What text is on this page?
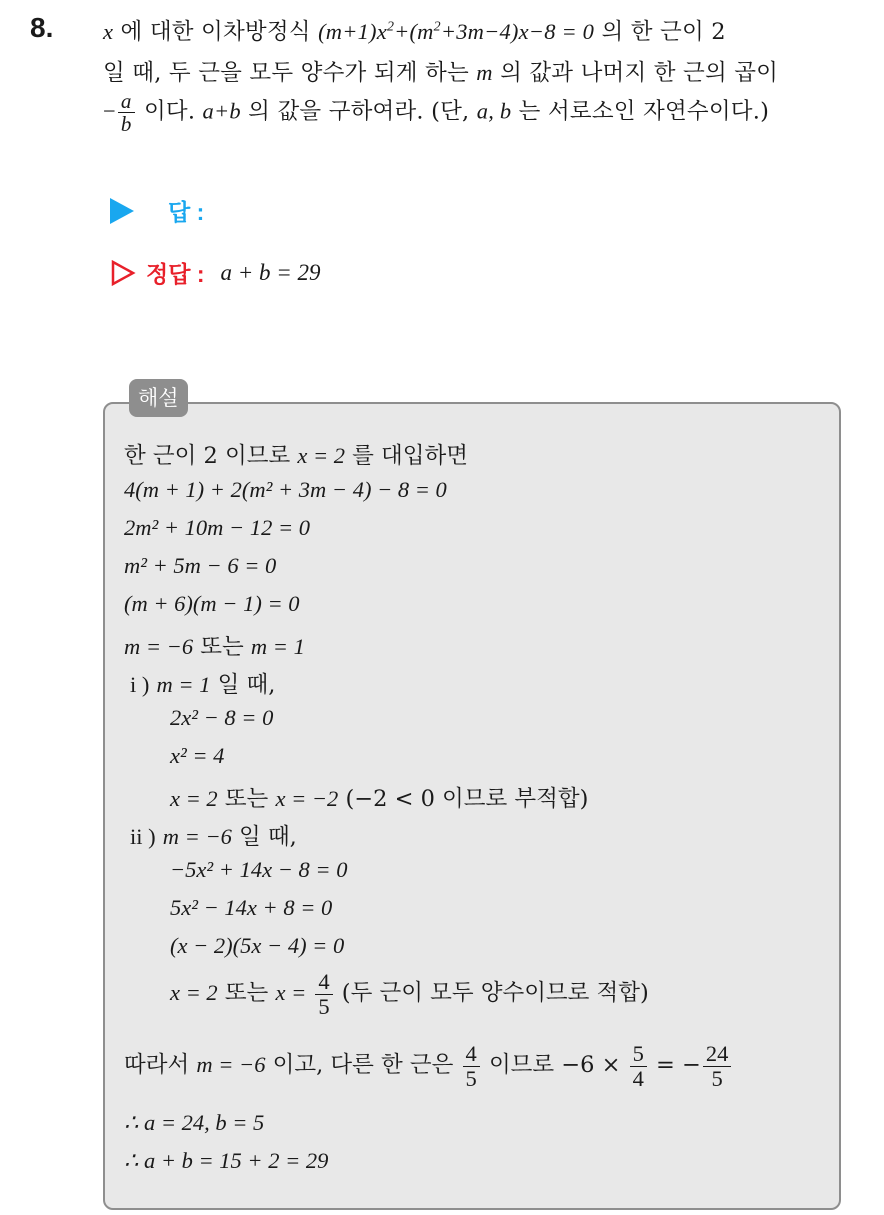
8. x 에 대한 이차방정식 $(m+1)x^2+(m^2+3m-4)x-8 = 0$ 의 한 근이 2
일 때, 두 근을 모두 양수가 되게 하는 m 의 값과 나머지 한 근의 곱이
− $\frac{a}{b}$ 이다. a+b 의 값을 구하여라. (단, a, b 는 서로소인 자연수이다.)
답 :
정답 : a + b = 29
해설
한 근이 2 이므로 x = 2 를 대입하면
4(m + 1) + 2(m² + 3m − 4) − 8 = 0
2m² + 10m − 12 = 0
m² + 5m − 6 = 0
(m + 6)(m − 1) = 0
m = −6 또는 m = 1
i ) m = 1 일 때,
2x² − 8 = 0
x² = 4
x = 2 또는 x = −2 (−2 < 0 이므로 부적합)
ii ) m = −6 일 때,
−5x² + 14x − 8 = 0
5x² − 14x + 8 = 0
(x − 2)(5x − 4) = 0
x = 2 또는 $x = \frac{4}{5}$ (두 근이 모두 양수이므로 적합)
따라서 m = −6 이고, 다른 한 근은 $\frac{4}{5}$ 이므로 $-6 \times \frac{5}{4}$ = − $\frac{24}{5}$
∴ a = 24, b = 5
∴ a + b = 15 + 2 = 29
